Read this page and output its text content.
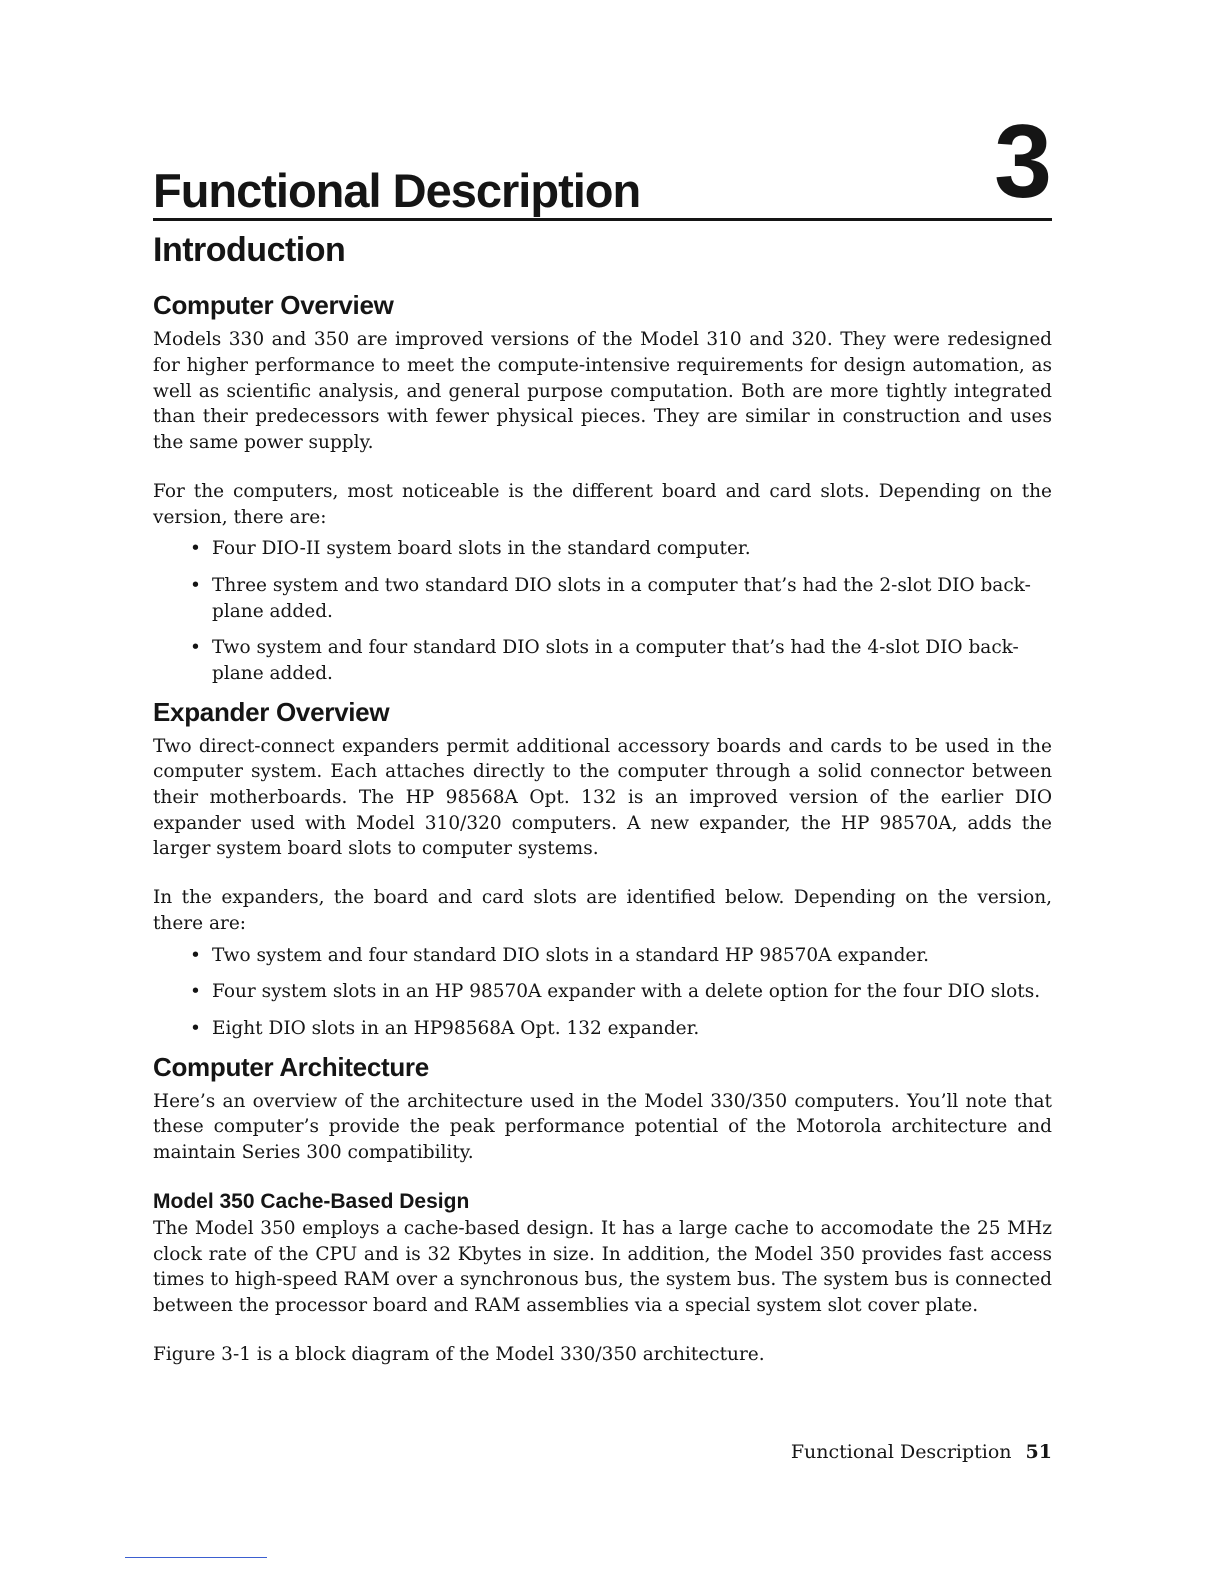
Functional Description	3
Introduction
Computer Overview

Models 330 and 350 are improved versions of the Model 310 and 320. They were redesigned for higher performance to meet the compute-intensive requirements for design automation, as well as scientific analysis, and general purpose computation. Both are more tightly integrated than their predecessors with fewer physical pieces. They are similar in construction and uses the same power supply.

For the computers, most noticeable is the different board and card slots. Depending on the version, there are:

• Four DIO-II system board slots in the standard computer.
• Three system and two standard DIO slots in a computer that’s had the 2-slot DIO back-plane added.
• Two system and four standard DIO slots in a computer that’s had the 4-slot DIO back-plane added.
Expander Overview

Two direct-connect expanders permit additional accessory boards and cards to be used in the computer system. Each attaches directly to the computer through a solid connector between their motherboards. The HP 98568A Opt. 132 is an improved version of the earlier DIO expander used with Model 310/320 computers. A new expander, the HP 98570A, adds the larger system board slots to computer systems.

In the expanders, the board and card slots are identified below. Depending on the version, there are:

• Two system and four standard DIO slots in a standard HP 98570A expander.
• Four system slots in an HP 98570A expander with a delete option for the four DIO slots.
• Eight DIO slots in an HP98568A Opt. 132 expander.
Computer Architecture

Here’s an overview of the architecture used in the Model 330/350 computers. You’ll note that these computer’s provide the peak performance potential of the Motorola architecture and maintain Series 300 compatibility.

Model 350 Cache-Based Design

The Model 350 employs a cache-based design. It has a large cache to accomodate the 25 MHz clock rate of the CPU and is 32 Kbytes in size. In addition, the Model 350 provides fast access times to high-speed RAM over a synchronous bus, the system bus. The system bus is connected between the processor board and RAM assemblies via a special system slot cover plate.

Figure 3-1 is a block diagram of the Model 330/350 architecture.

Functional Description 51
